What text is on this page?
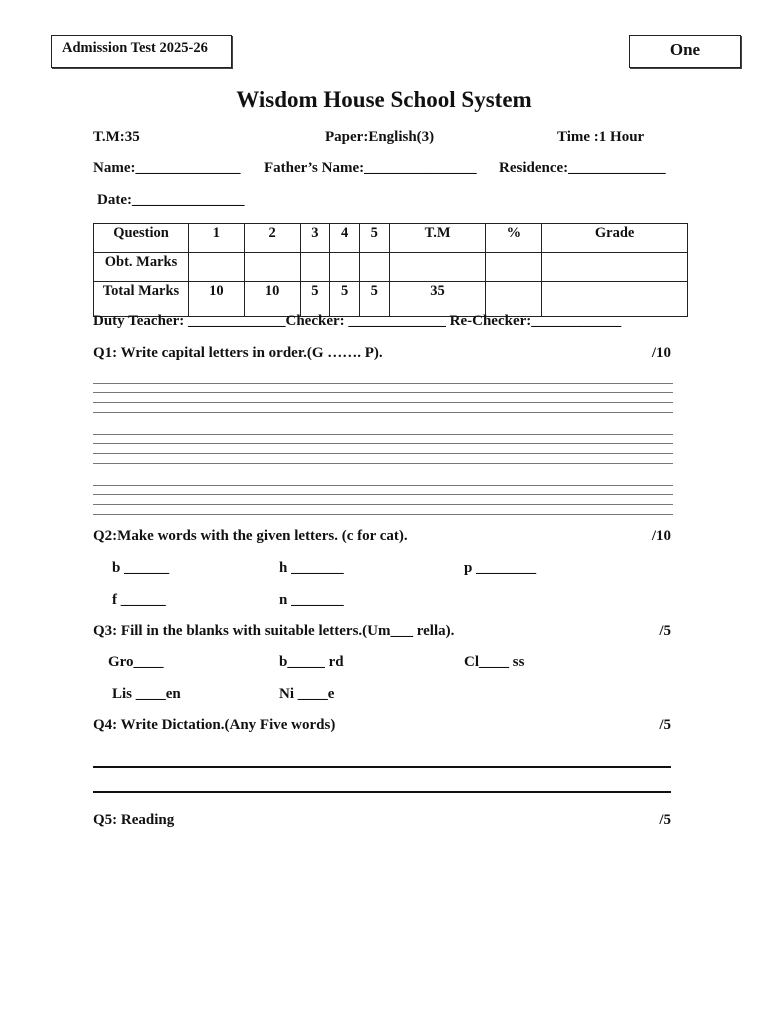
Admission Test 2025-26	One
Wisdom House School System
T.M:35	Paper:English(3)	Time :1 Hour
Name:______________ Father’s Name:_______________ Residence:_____________
Date:_______________
Question	1	2	3	4	5	T.M	%	Grade
Obt. Marks								
Total Marks	10	10	5	5	5	35		
Duty Teacher: _____________Checker: _____________ Re-Checker:____________
Q1: Write capital letters in order.(G ……. P).	/10
Q2:Make words with the given letters. (c for cat).	/10
b ______	h _______	p ________
f ______	n _______
Q3: Fill in the blanks with suitable letters.(Um___ rella).	/5
Gro____	b_____ rd	Cl____ ss
Lis ____en	Ni ____e
Q4: Write Dictation.(Any Five words)	/5
Q5: Reading	/5
